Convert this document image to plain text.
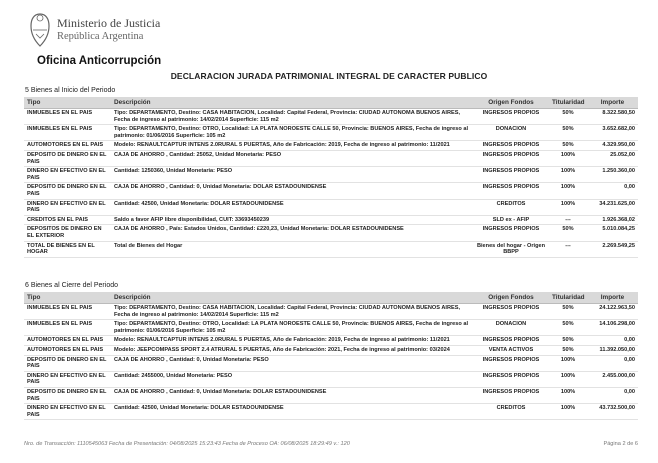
Ministerio de Justicia
República Argentina
Oficina Anticorrupción
DECLARACION JURADA PATRIMONIAL INTEGRAL DE CARACTER PUBLICO
5 Bienes al Inicio del Periodo
Tipo	Descripción	Origen Fondos	Titularidad	Importe
INMUEBLES EN EL PAIS	Tipo: DEPARTAMENTO, Destino: CASA HABITACION, Localidad: Capital Federal, Provincia: CIUDAD AUTONOMA BUENOS AIRES, Fecha de ingreso al patrimonio: 14/02/2014 Superficie: 115 m2	INGRESOS PROPIOS	50%	8.322.580,50
INMUEBLES EN EL PAIS	Tipo: DEPARTAMENTO, Destino: OTRO, Localidad: LA PLATA NOROESTE CALLE 50, Provincia: BUENOS AIRES, Fecha de ingreso al patrimonio: 01/06/2016 Superficie: 105 m2	DONACION	50%	3.652.682,00
AUTOMOTORES EN EL PAIS	Modelo: RENAULTCAPTUR INTENS 2.0RURAL 5 PUERTAS, Año de Fabricación: 2019, Fecha de ingreso al patrimonio: 11/2021	INGRESOS PROPIOS	50%	4.329.950,00
DEPOSITO DE DINERO EN EL PAIS	CAJA DE AHORRO , Cantidad: 25052, Unidad Monetaria: PESO	INGRESOS PROPIOS	100%	25.052,00
DINERO EN EFECTIVO EN EL PAIS	Cantidad: 1250360, Unidad Monetaria: PESO	INGRESOS PROPIOS	100%	1.250.360,00
DEPOSITO DE DINERO EN EL PAIS	CAJA DE AHORRO , Cantidad: 0, Unidad Monetaria: DOLAR ESTADOUNIDENSE	INGRESOS PROPIOS	100%	0,00
DINERO EN EFECTIVO EN EL PAIS	Cantidad: 42500, Unidad Monetaria: DOLAR ESTADOUNIDENSE	CREDITOS	100%	34.231.625,00
CREDITOS EN EL PAIS	Saldo a favor AFIP libre disponibilidad, CUIT: 33693450239	SLD ex - AFIP	---	1.926.368,02
DEPOSITOS DE DINERO EN EL EXTERIOR	CAJA DE AHORRO , País: Estados Unidos, Cantidad: £220,23, Unidad Monetaria: DOLAR ESTADOUNIDENSE	INGRESOS PROPIOS	50%	5.010.084,25
TOTAL DE BIENES EN EL HOGAR	Total de Bienes del Hogar	Bienes del hogar - Origen BBPP	---	2.269.549,25
6 Bienes al Cierre del Periodo
Tipo	Descripción	Origen Fondos	Titularidad	Importe
INMUEBLES EN EL PAIS	Tipo: DEPARTAMENTO, Destino: CASA HABITACION, Localidad: Capital Federal, Provincia: CIUDAD AUTONOMA BUENOS AIRES, Fecha de ingreso al patrimonio: 14/02/2014 Superficie: 115 m2	INGRESOS PROPIOS	50%	24.122.963,50
INMUEBLES EN EL PAIS	Tipo: DEPARTAMENTO, Destino: OTRO, Localidad: LA PLATA NOROESTE CALLE 50, Provincia: BUENOS AIRES, Fecha de ingreso al patrimonio: 01/06/2016 Superficie: 105 m2	DONACION	50%	14.106.298,00
AUTOMOTORES EN EL PAIS	Modelo: RENAULTCAPTUR INTENS 2.0RURAL 5 PUERTAS, Año de Fabricación: 2019, Fecha de ingreso al patrimonio: 11/2021	INGRESOS PROPIOS	50%	0,00
AUTOMOTORES EN EL PAIS	Modelo: JEEPCOMPASS SPORT 2.4 ATRURAL 5 PUERTAS, Año de Fabricación: 2021, Fecha de ingreso al patrimonio: 03/2024	VENTA ACTIVOS	50%	11.392.050,00
DEPOSITO DE DINERO EN EL PAIS	CAJA DE AHORRO , Cantidad: 0, Unidad Monetaria: PESO	INGRESOS PROPIOS	100%	0,00
DINERO EN EFECTIVO EN EL PAIS	Cantidad: 2455000, Unidad Monetaria: PESO	INGRESOS PROPIOS	100%	2.455.000,00
DEPOSITO DE DINERO EN EL PAIS	CAJA DE AHORRO , Cantidad: 0, Unidad Monetaria: DOLAR ESTADOUNIDENSE	INGRESOS PROPIOS	100%	0,00
DINERO EN EFECTIVO EN EL PAIS	Cantidad: 42500, Unidad Monetaria: DOLAR ESTADOUNIDENSE	CREDITOS	100%	43.732.500,00
Nro. de Transacción: 1110545063 Fecha de Presentación: 04/08/2025 15:23:43 Fecha de Proceso OA: 06/08/2025 18:29:49 v.: 120	Página 2 de 6
